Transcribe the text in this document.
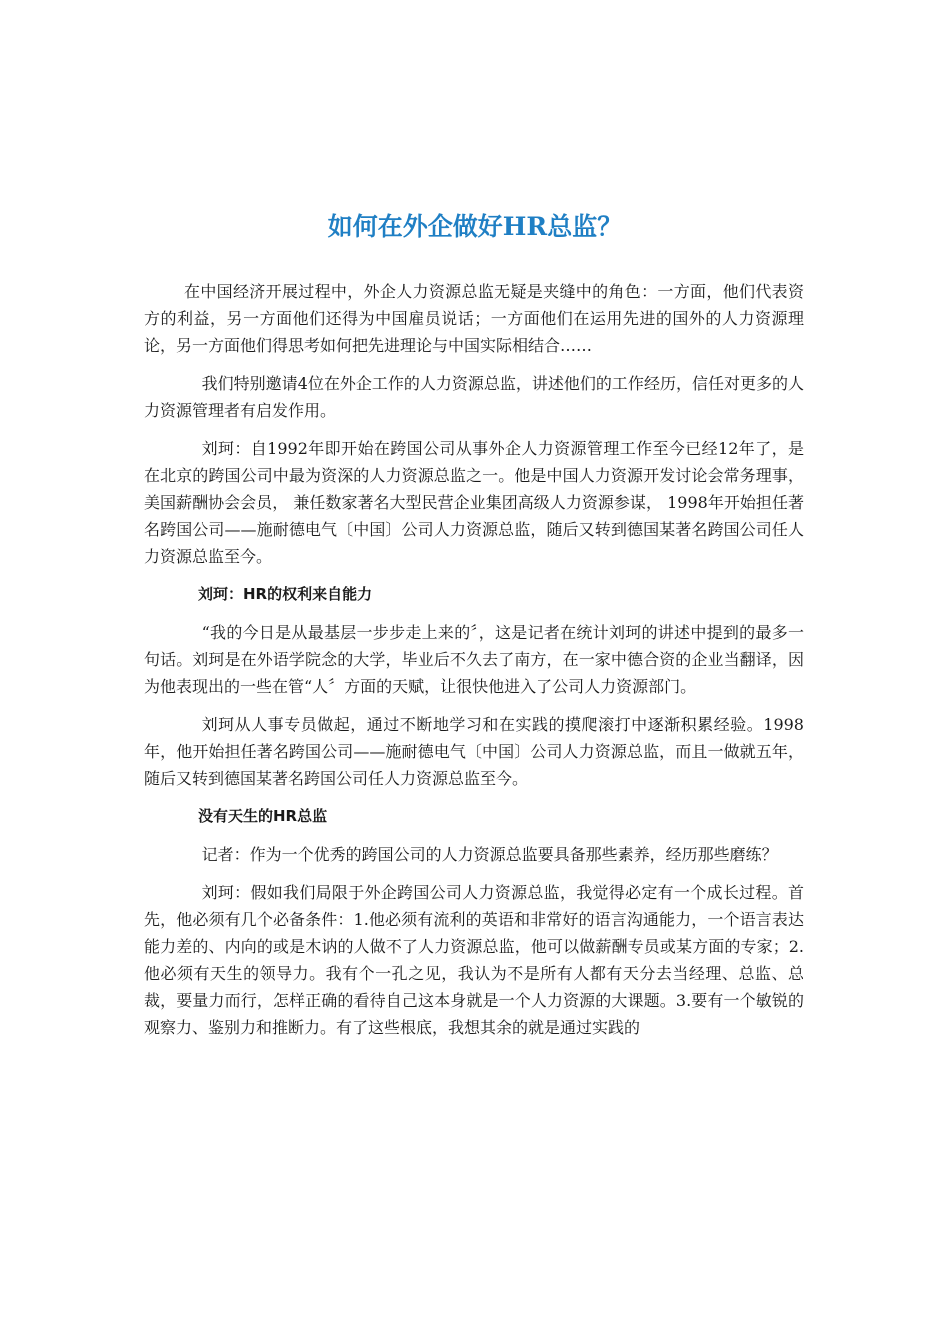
如何在外企做好HR总监？

在中国经济开展过程中，外企人力资源总监无疑是夹缝中的角色：一方面，他们代表资方的利益，另一方面他们还得为中国雇员说话；一方面他们在运用先进的国外的人力资源理论，另一方面他们得思考如何把先进理论与中国实际相结合……

我们特别邀请4位在外企工作的人力资源总监，讲述他们的工作经历，信任对更多的人力资源管理者有启发作用。

刘珂：自1992年即开始在跨国公司从事外企人力资源管理工作至今已经12年了，是在北京的跨国公司中最为资深的人力资源总监之一。他是中国人力资源开发讨论会常务理事， 美国薪酬协会会员， 兼任数家著名大型民营企业集团高级人力资源参谋， 1998年开始担任著名跨国公司——施耐德电气〔中国〕公司人力资源总监，随后又转到德国某著名跨国公司任人力资源总监至今。

刘珂：HR的权利来自能力

“我的今日是从最基层一步步走上来的〞，这是记者在统计刘珂的讲述中提到的最多一句话。刘珂是在外语学院念的大学，毕业后不久去了南方，在一家中德合资的企业当翻译，因为他表现出的一些在管“人〞方面的天赋，让很快他进入了公司人力资源部门。

刘珂从人事专员做起，通过不断地学习和在实践的摸爬滚打中逐渐积累经验。1998年，他开始担任著名跨国公司——施耐德电气〔中国〕公司人力资源总监，而且一做就五年， 随后又转到德国某著名跨国公司任人力资源总监至今。

没有天生的HR总监

记者：作为一个优秀的跨国公司的人力资源总监要具备那些素养，经历那些磨练？

刘珂：假如我们局限于外企跨国公司人力资源总监，我觉得必定有一个成长过程。首先，他必须有几个必备条件：1.他必须有流利的英语和非常好的语言沟通能力，一个语言表达能力差的、内向的或是木讷的人做不了人力资源总监，他可以做薪酬专员或某方面的专家；2.他必须有天生的领导力。我有个一孔之见，我认为不是所有人都有天分去当经理、总监、总裁，要量力而行，怎样正确的看待自己这本身就是一个人力资源的大课题。3.要有一个敏锐的观察力、鉴别力和推断力。有了这些根底，我想其余的就是通过实践的
